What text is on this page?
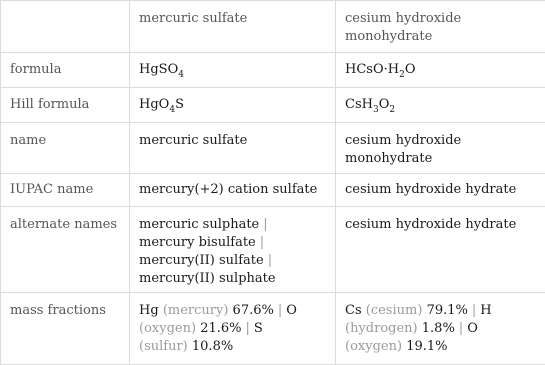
	mercuric sulfate	cesium hydroxide monohydrate
formula	HgSO$_4$	$HCsO\cdot H_2O$
Hill formula	HgO$_4$S	$CsH_3O_2$
name	mercuric sulfate	cesium hydroxide monohydrate
IUPAC name	mercury(+2) cation sulfate	cesium hydroxide hydrate
alternate names	mercuric sulphate |
mercury bisulfate |
mercury(II) sulfate |
mercury(II) sulphate	cesium hydroxide hydrate
mass fractions	Hg (mercury) 67.6% | O
(oxygen) 21.6% | S
(sulfur) 10.8%	Cs (cesium) 79.1% | H
(hydrogen) 1.8% | O
(oxygen) 19.1%
